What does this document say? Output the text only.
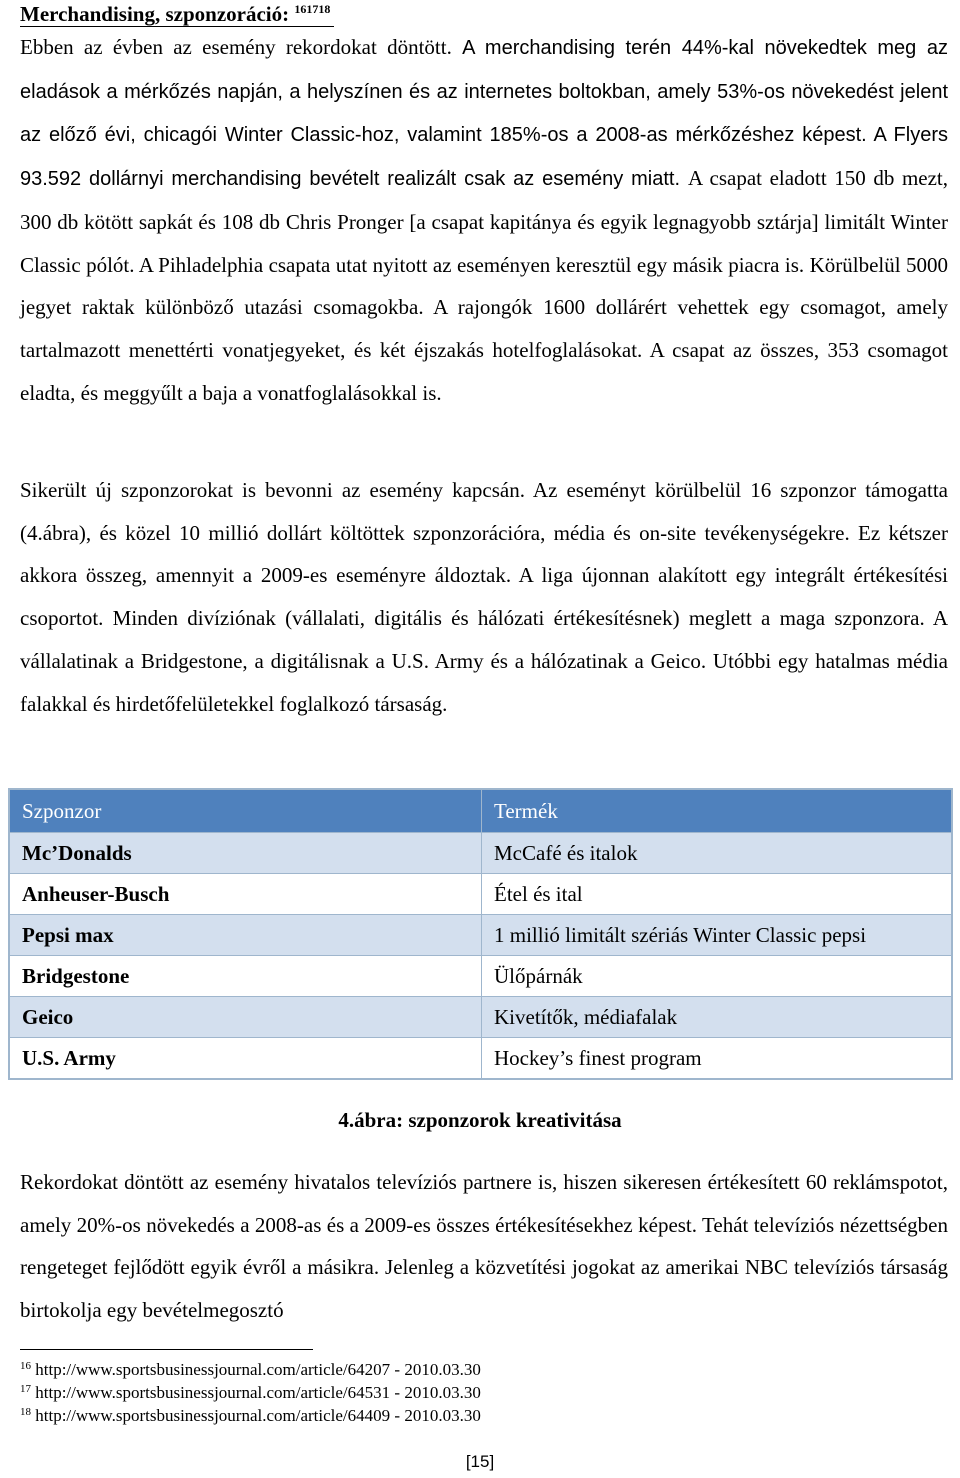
Merchandising, szponzoráció: $^{161718}$

Ebben az évben az esemény rekordokat döntött. A merchandising terén 44%-kal növekedtek meg az eladások a mérkőzés napján, a helyszínen és az internetes boltokban, amely 53%-os növekedést jelent az előző évi, chicagói Winter Classic-hoz, valamint 185%-os a 2008-as mérkőzéshez képest. A Flyers 93.592 dollárnyi merchandising bevételt realizált csak az esemény miatt. A csapat eladott 150 db mezt, 300 db kötött sapkát és 108 db Chris Pronger [a csapat kapitánya és egyik legnagyobb sztárja] limitált Winter Classic pólót. A Pihladelphia csapata utat nyitott az eseményen keresztül egy másik piacra is. Körülbelül 5000 jegyet raktak különböző utazási csomagokba. A rajongók 1600 dollárért vehettek egy csomagot, amely tartalmazott menettérti vonatjegyeket, és két éjszakás hotelfoglalásokat. A csapat az összes, 353 csomagot eladta, és meggyűlt a baja a vonatfoglalásokkal is.

Sikerült új szponzorokat is bevonni az esemény kapcsán. Az eseményt körülbelül 16 szponzor támogatta (4.ábra), és közel 10 millió dollárt költöttek szponzorációra, média és on-site tevékenységekre. Ez kétszer akkora összeg, amennyit a 2009-es eseményre áldoztak. A liga újonnan alakított egy integrált értékesítési csoportot. Minden divíziónak (vállalati, digitális és hálózati értékesítésnek) meglett a maga szponzora. A vállalatinak a Bridgestone, a digitálisnak a U.S. Army és a hálózatinak a Geico. Utóbbi egy hatalmas média falakkal és hirdetőfelületekkel foglalkozó társaság.

Szponzor	Termék
Mc’Donalds	McCafé és italok
Anheuser-Busch	Étel és ital
Pepsi max	1 millió limitált szériás Winter Classic pepsi
Bridgestone	Ülőpárnák
Geico	Kivetítők, médiafalak
U.S. Army	Hockey’s finest program
4.ábra: szponzorok kreativitása

Rekordokat döntött az esemény hivatalos televíziós partnere is, hiszen sikeresen értékesített 60 reklámspotot, amely 20%-os növekedés a 2008-as és a 2009-es összes értékesítésekhez képest. Tehát televíziós nézettségben rengeteget fejlődött egyik évről a másikra. Jelenleg a közvetítési jogokat az amerikai NBC televíziós társaság birtokolja egy bevételmegosztó

$^{16}$ http://www.sportsbusinessjournal.com/article/64207 - 2010.03.30
$^{17}$ http://www.sportsbusinessjournal.com/article/64531 - 2010.03.30
$^{18}$ http://www.sportsbusinessjournal.com/article/64409 - 2010.03.30
[15]
